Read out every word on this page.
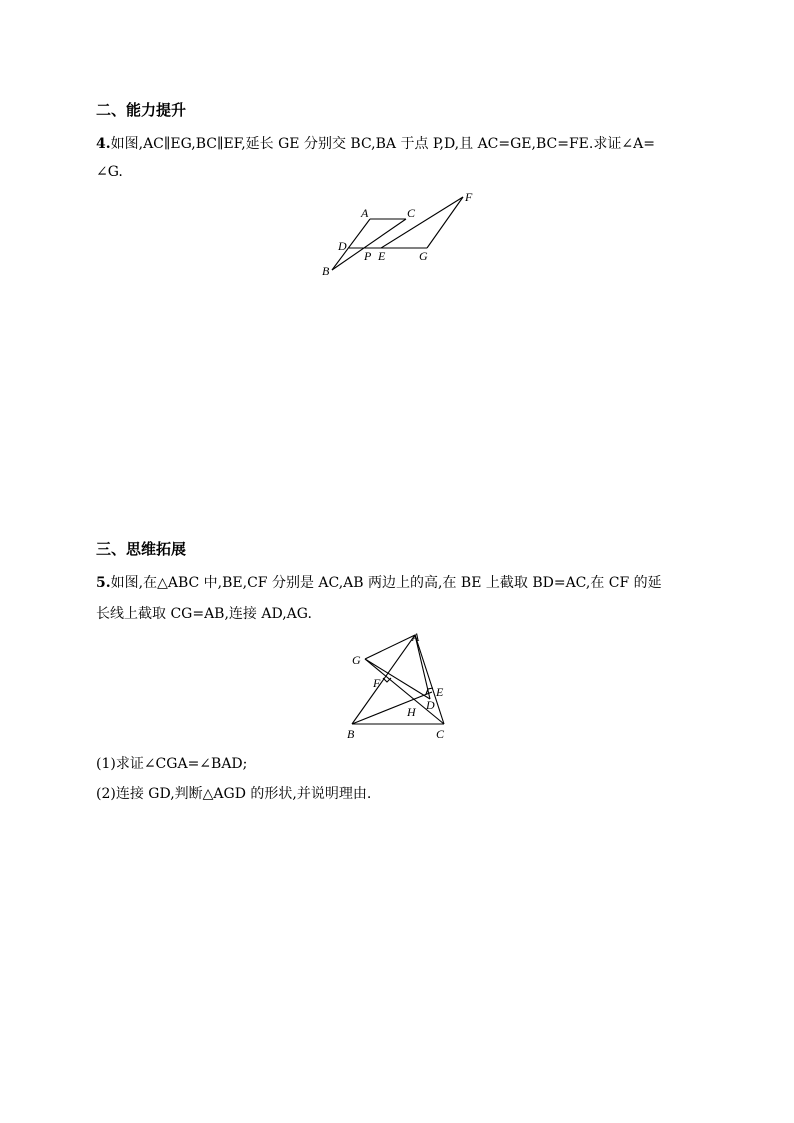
二、能力提升
4.如图,AC∥EG,BC∥EF,延长 GE 分别交 BC,BA 于点 P,D,且 AC=GE,BC=FE.求证∠A=
∠G.
A	C
F
D
P E	G
B
三、思维拓展
5.如图,在△ABC 中,BE,CF 分别是 AC,AB 两边上的高,在 BE 上截取 BD=AC,在 CF 的延
长线上截取 CG=AB,连接 AD,AG.
A
G
F
E
D
H
B	C
(1)求证∠CGA=∠BAD;
(2)连接 GD,判断△AGD 的形状,并说明理由.
